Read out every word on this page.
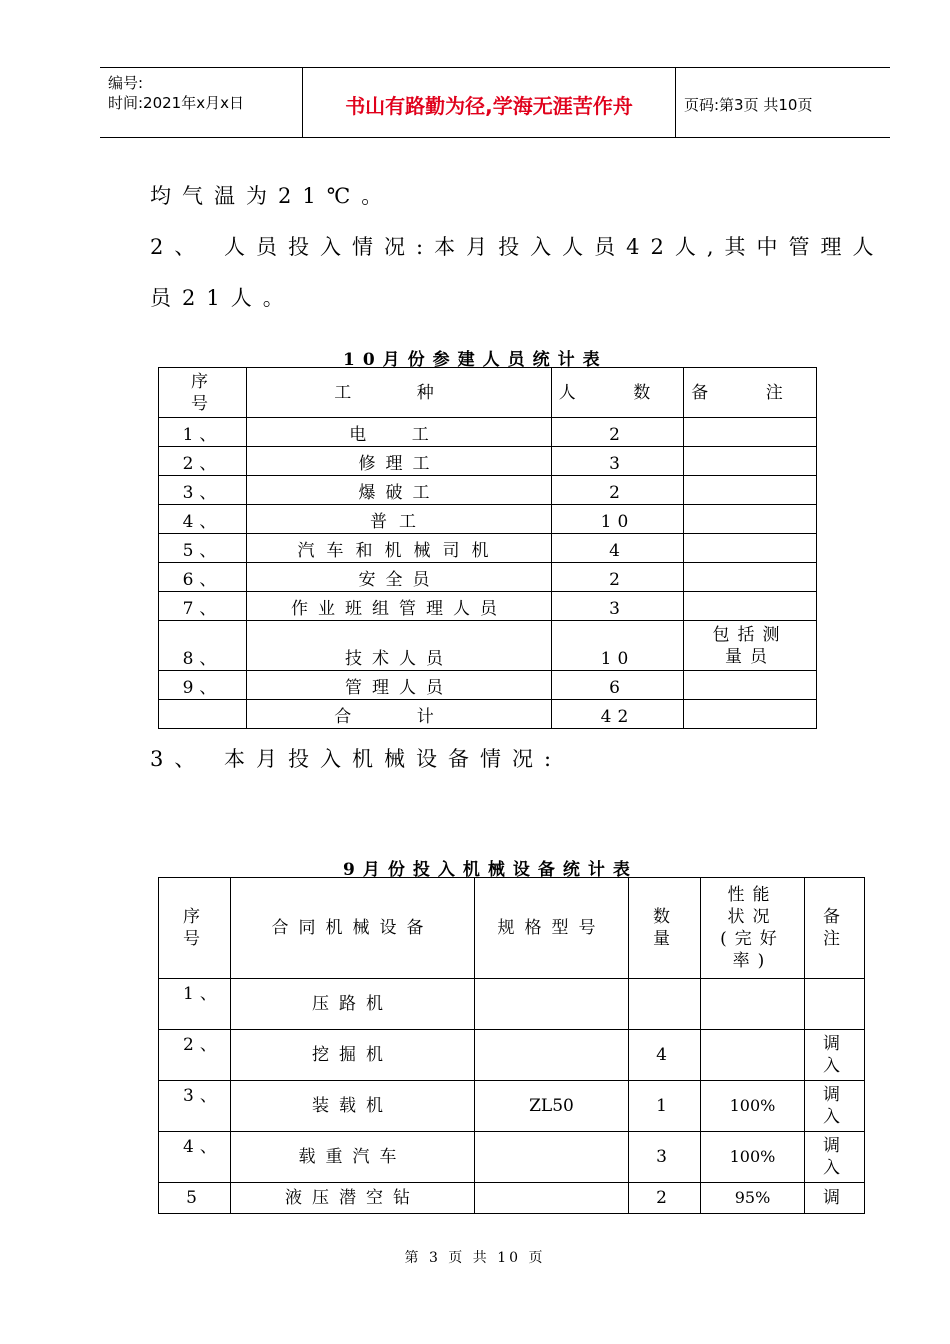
编号:
时间:2021年x月x日	书山有路勤为径,学海无涯苦作舟	页码:第3页 共10页
均气温为21℃。
2、 人员投入情况:本月投入人员42人,其中管理人
员21人。
10月份参建人员统计表
序号	工 种	人 数	备 注
1、	电 工	2	
2、	修理工	3	
3、	爆破工	2	
4、	普工	10	
5、	汽车和机械司机	4	
6、	安全员	2	
7、	作业班组管理人员	3	
8、	技术人员	10	包括测量员
9、	管理人员	6	
	合 计	42	
3、 本月投入机械设备情况:
9月份投入机械设备统计表
序号	合同机械设备	规格型号	数量	性能状况(完好率)	备注
1、	压路机				
2、	挖掘机		4		调入
3、	装载机	ZL50	1	100%	调入
4、	载重汽车		3	100%	调入
5	液压潜空钻		2	95%	调
第 3 页 共 10 页
